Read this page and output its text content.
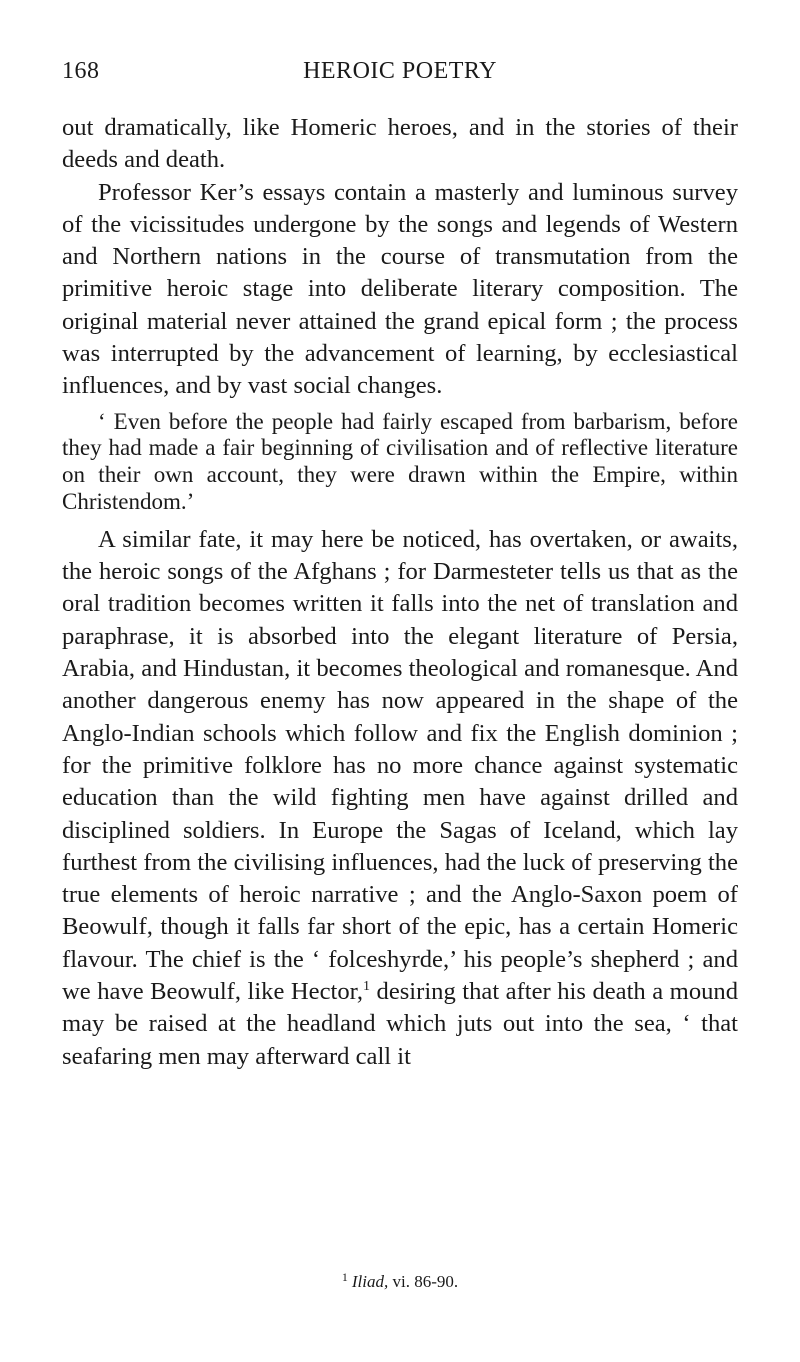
168	HEROIC POETRY

out dramatically, like Homeric heroes, and in the stories of their deeds and death.

Professor Ker’s essays contain a masterly and luminous survey of the vicissitudes undergone by the songs and legends of Western and Northern nations in the course of transmutation from the primitive heroic stage into deliberate literary composition. The original material never attained the grand epical form ; the process was interrupted by the advancement of learning, by ecclesiastical influences, and by vast social changes.

‘ Even before the people had fairly escaped from barbarism, before they had made a fair beginning of civilisation and of reflective literature on their own account, they were drawn within the Empire, within Christendom.’

A similar fate, it may here be noticed, has overtaken, or awaits, the heroic songs of the Afghans ; for Darmesteter tells us that as the oral tradition becomes written it falls into the net of translation and paraphrase, it is absorbed into the elegant literature of Persia, Arabia, and Hindustan, it becomes theological and romanesque. And another dangerous enemy has now appeared in the shape of the Anglo-Indian schools which follow and fix the English dominion ; for the primitive folklore has no more chance against systematic education than the wild fighting men have against drilled and disciplined soldiers. In Europe the Sagas of Iceland, which lay furthest from the civilising influences, had the luck of preserving the true elements of heroic narrative ; and the Anglo-Saxon poem of Beowulf, though it falls far short of the epic, has a certain Homeric flavour. The chief is the ‘ folceshyrde,’ his people’s shepherd ; and we have Beowulf, like Hector,$^1$ desiring that after his death a mound may be raised at the headland which juts out into the sea, ‘ that seafaring men may afterward call it

$^1$ Iliad, vi. 86-90.
